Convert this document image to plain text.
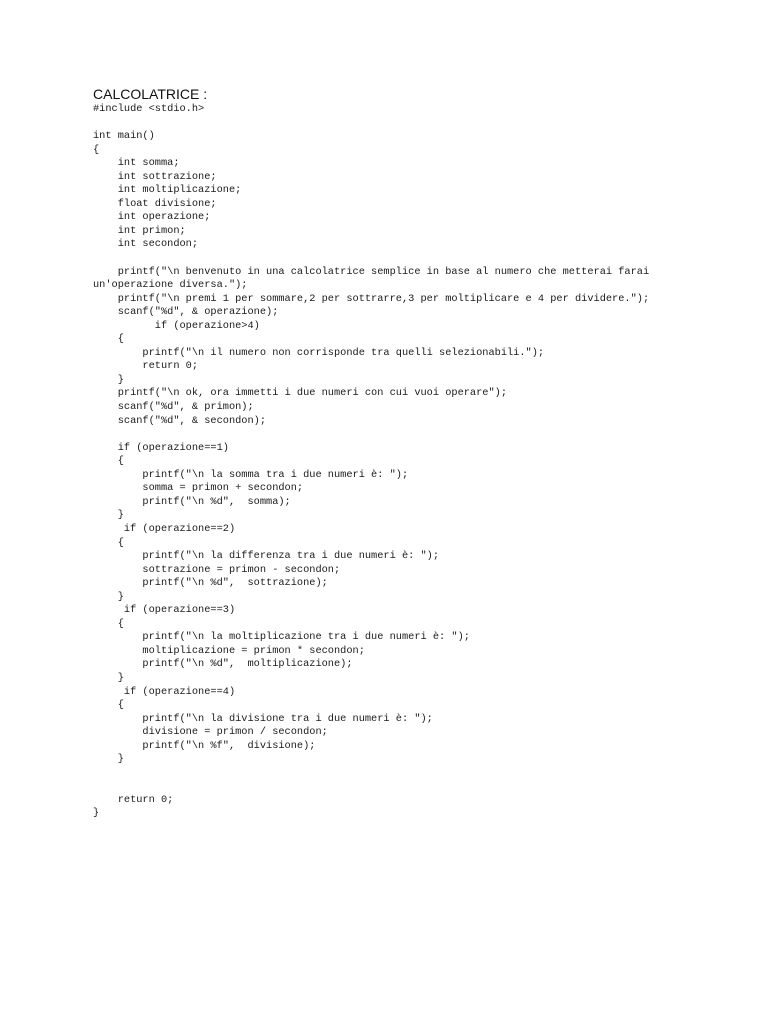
CALCOLATRICE :
#include <stdio.h>
int main()
{
int somma;
int sottrazione;
int moltiplicazione;
float divisione;
int operazione;
int primon;
int secondon;
printf("\n benvenuto in una calcolatrice semplice in base al numero che metterai farai
un'operazione diversa.");
printf("\n premi 1 per sommare,2 per sottrarre,3 per moltiplicare e 4 per dividere.");
scanf("%d", & operazione);
if (operazione>4)
{
printf("\n il numero non corrisponde tra quelli selezionabili.");
return 0;
}
printf("\n ok, ora immetti i due numeri con cui vuoi operare");
scanf("%d", & primon);
scanf("%d", & secondon);
if (operazione==1)
{
printf("\n la somma tra i due numeri è: ");
somma = primon + secondon;
printf("\n %d",  somma);
}
if (operazione==2)
{
printf("\n la differenza tra i due numeri è: ");
sottrazione = primon - secondon;
printf("\n %d",  sottrazione);
}
if (operazione==3)
{
printf("\n la moltiplicazione tra i due numeri è: ");
moltiplicazione = primon * secondon;
printf("\n %d",  moltiplicazione);
}
if (operazione==4)
{
printf("\n la divisione tra i due numeri è: ");
divisione = primon / secondon;
printf("\n %f",  divisione);
}
return 0;
}
